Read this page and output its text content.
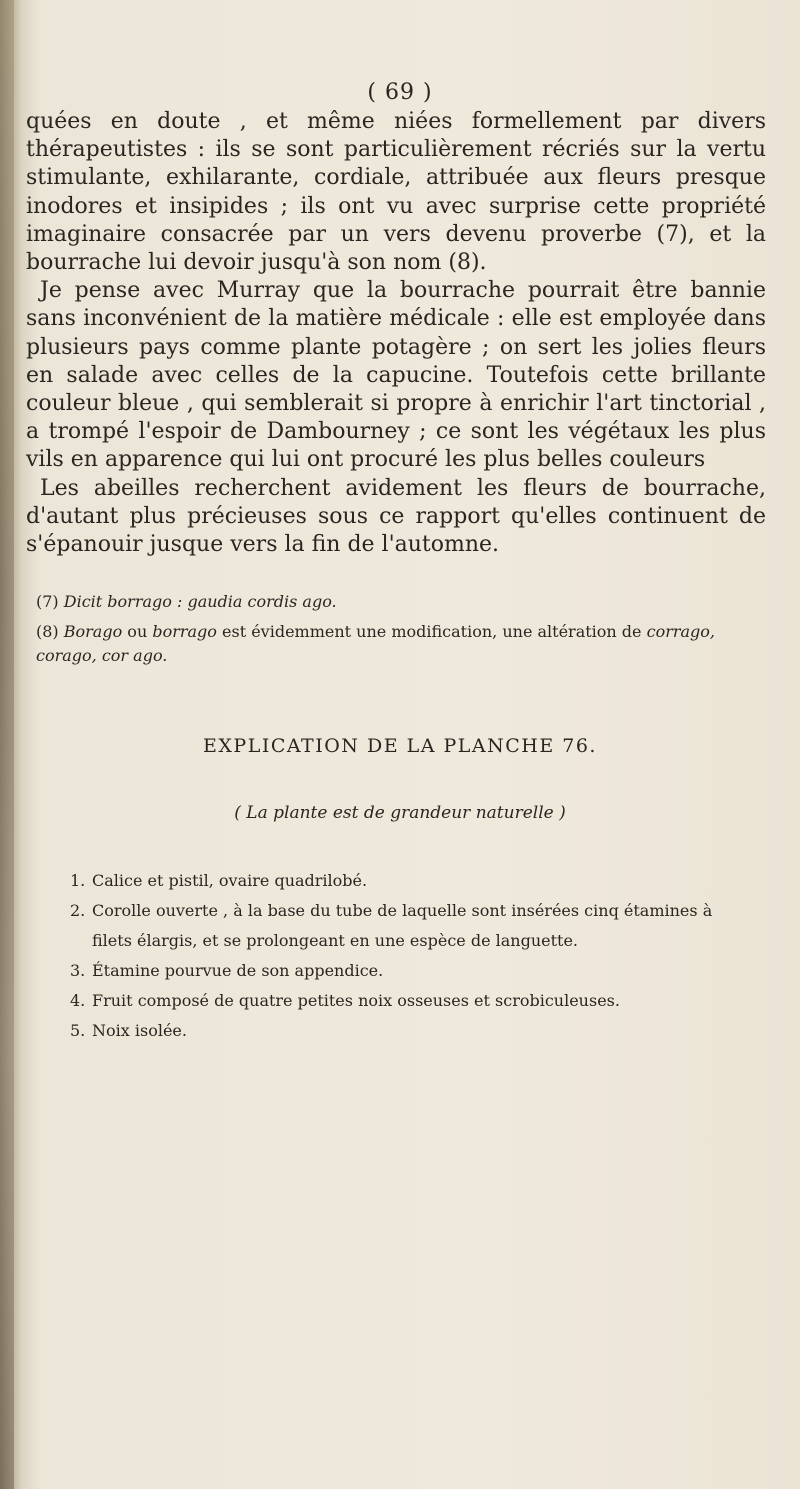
( 69 )

quées en doute , et même niées formellement par divers thérapeutistes : ils se sont particulièrement récriés sur la vertu stimulante, exhilarante, cordiale, attribuée aux fleurs presque inodores et insipides ; ils ont vu avec surprise cette propriété imaginaire consacrée par un vers devenu proverbe (7), et la bourrache lui devoir jusqu'à son nom (8).

Je pense avec Murray que la bourrache pourrait être bannie sans inconvénient de la matière médicale : elle est employée dans plusieurs pays comme plante potagère ; on sert les jolies fleurs en salade avec celles de la capucine. Toutefois cette brillante couleur bleue , qui semblerait si propre à enrichir l'art tinctorial , a trompé l'espoir de Dambourney ; ce sont les végétaux les plus vils en apparence qui lui ont procuré les plus belles couleurs

Les abeilles recherchent avidement les fleurs de bourrache, d'autant plus précieuses sous ce rapport qu'elles continuent de s'épanouir jusque vers la fin de l'automne.

(7) Dicit borrago : gaudia cordis ago.
(8) Borago ou borrago est évidemment une modification, une altération de corrago, corago, cor ago.
EXPLICATION DE LA PLANCHE 76.
( La plante est de grandeur naturelle )
1. Calice et pistil, ovaire quadrilobé.
2. Corolle ouverte , à la base du tube de laquelle sont insérées cinq étamines à filets élargis, et se prolongeant en une espèce de languette.
3. Étamine pourvue de son appendice.
4. Fruit composé de quatre petites noix osseuses et scrobiculeuses.
5. Noix isolée.
